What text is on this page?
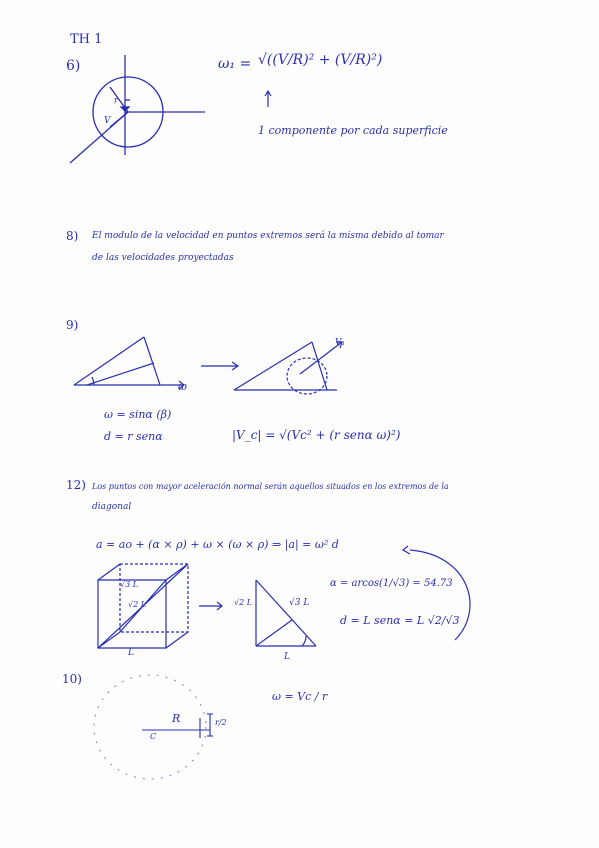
TH 1
6)
r
V
ω₁ = √((V/R)² + (V/R)²)
1 componente por cada superficie
8) El modulo de la velocidad en puntos extremos será la misma debido al tomar
de las velocidades proyectadas
9)
ω
V₁
ω = sinα (β)
d = r senα	|V_c| = √(Vc² + (r senα ω)²)
12) Los puntos con mayor aceleración normal serán aquellos situados en los extremos de la
diagonal
a = ao + (α × ρ) + ω × (ω × ρ) ⇒ |a| = ω² d
√3 L
√2 L
L
√3 L
√2 L
L
α = arcos(1/√3) = 54.73
d = L senα = L √2/√3
10)
R
C
r/2
ω = Vc / r
